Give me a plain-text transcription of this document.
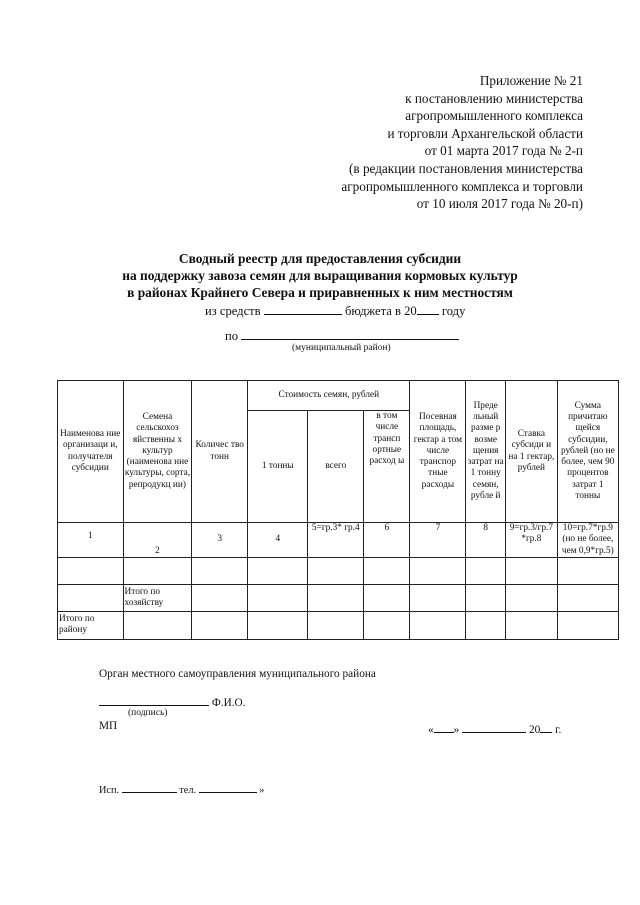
Приложение № 21
к постановлению министерства
агропромышленного комплекса
и торговли Архангельской области
от 01 марта 2017 года № 2-п
(в редакции постановления министерства
агропромышленного комплекса и торговли
от 10 июля 2017 года № 20-п)
Сводный реестр для предоставления субсидии
на поддержку завоза семян для выращивания кормовых культур
в районах Крайнего Севера и приравненных к ним местностям
из средств	бюджета в 20 году
по
(муниципальный район)
Наименова ние организаци и, получателя субсидии	Семена сельскохоз яйственны х культур (наименова ние культуры, сорта, репродукц ии)	Количес тво тонн	Стоимость семян, рублей			Посевная площадь, гектар а том числе транспор тные расходы	Преде льный разме р возме щения затрат на 1 тонну семян, рубле й	Ставка субсиди и на 1 гектар, рублей	Сумма причитаю щейся субсидии, рублей (но не более, чем 90 процентов затрат 1 тонны
			1 тонны	всего	в том числе трансп ортные расход ы				
1	2	3	4	5=гр.3* гр.4	6	7	8	9=гр.3/гр.7 *гр.8	10=гр.7*гр.9 (но не более, чем 0,9*гр.5)

	Итого по хозяйству								
Итого по району									
Орган местного самоуправления муниципального района
Ф.И.О.
(подпись)
МП	« »	20 г.
Исп.	тел.	»
